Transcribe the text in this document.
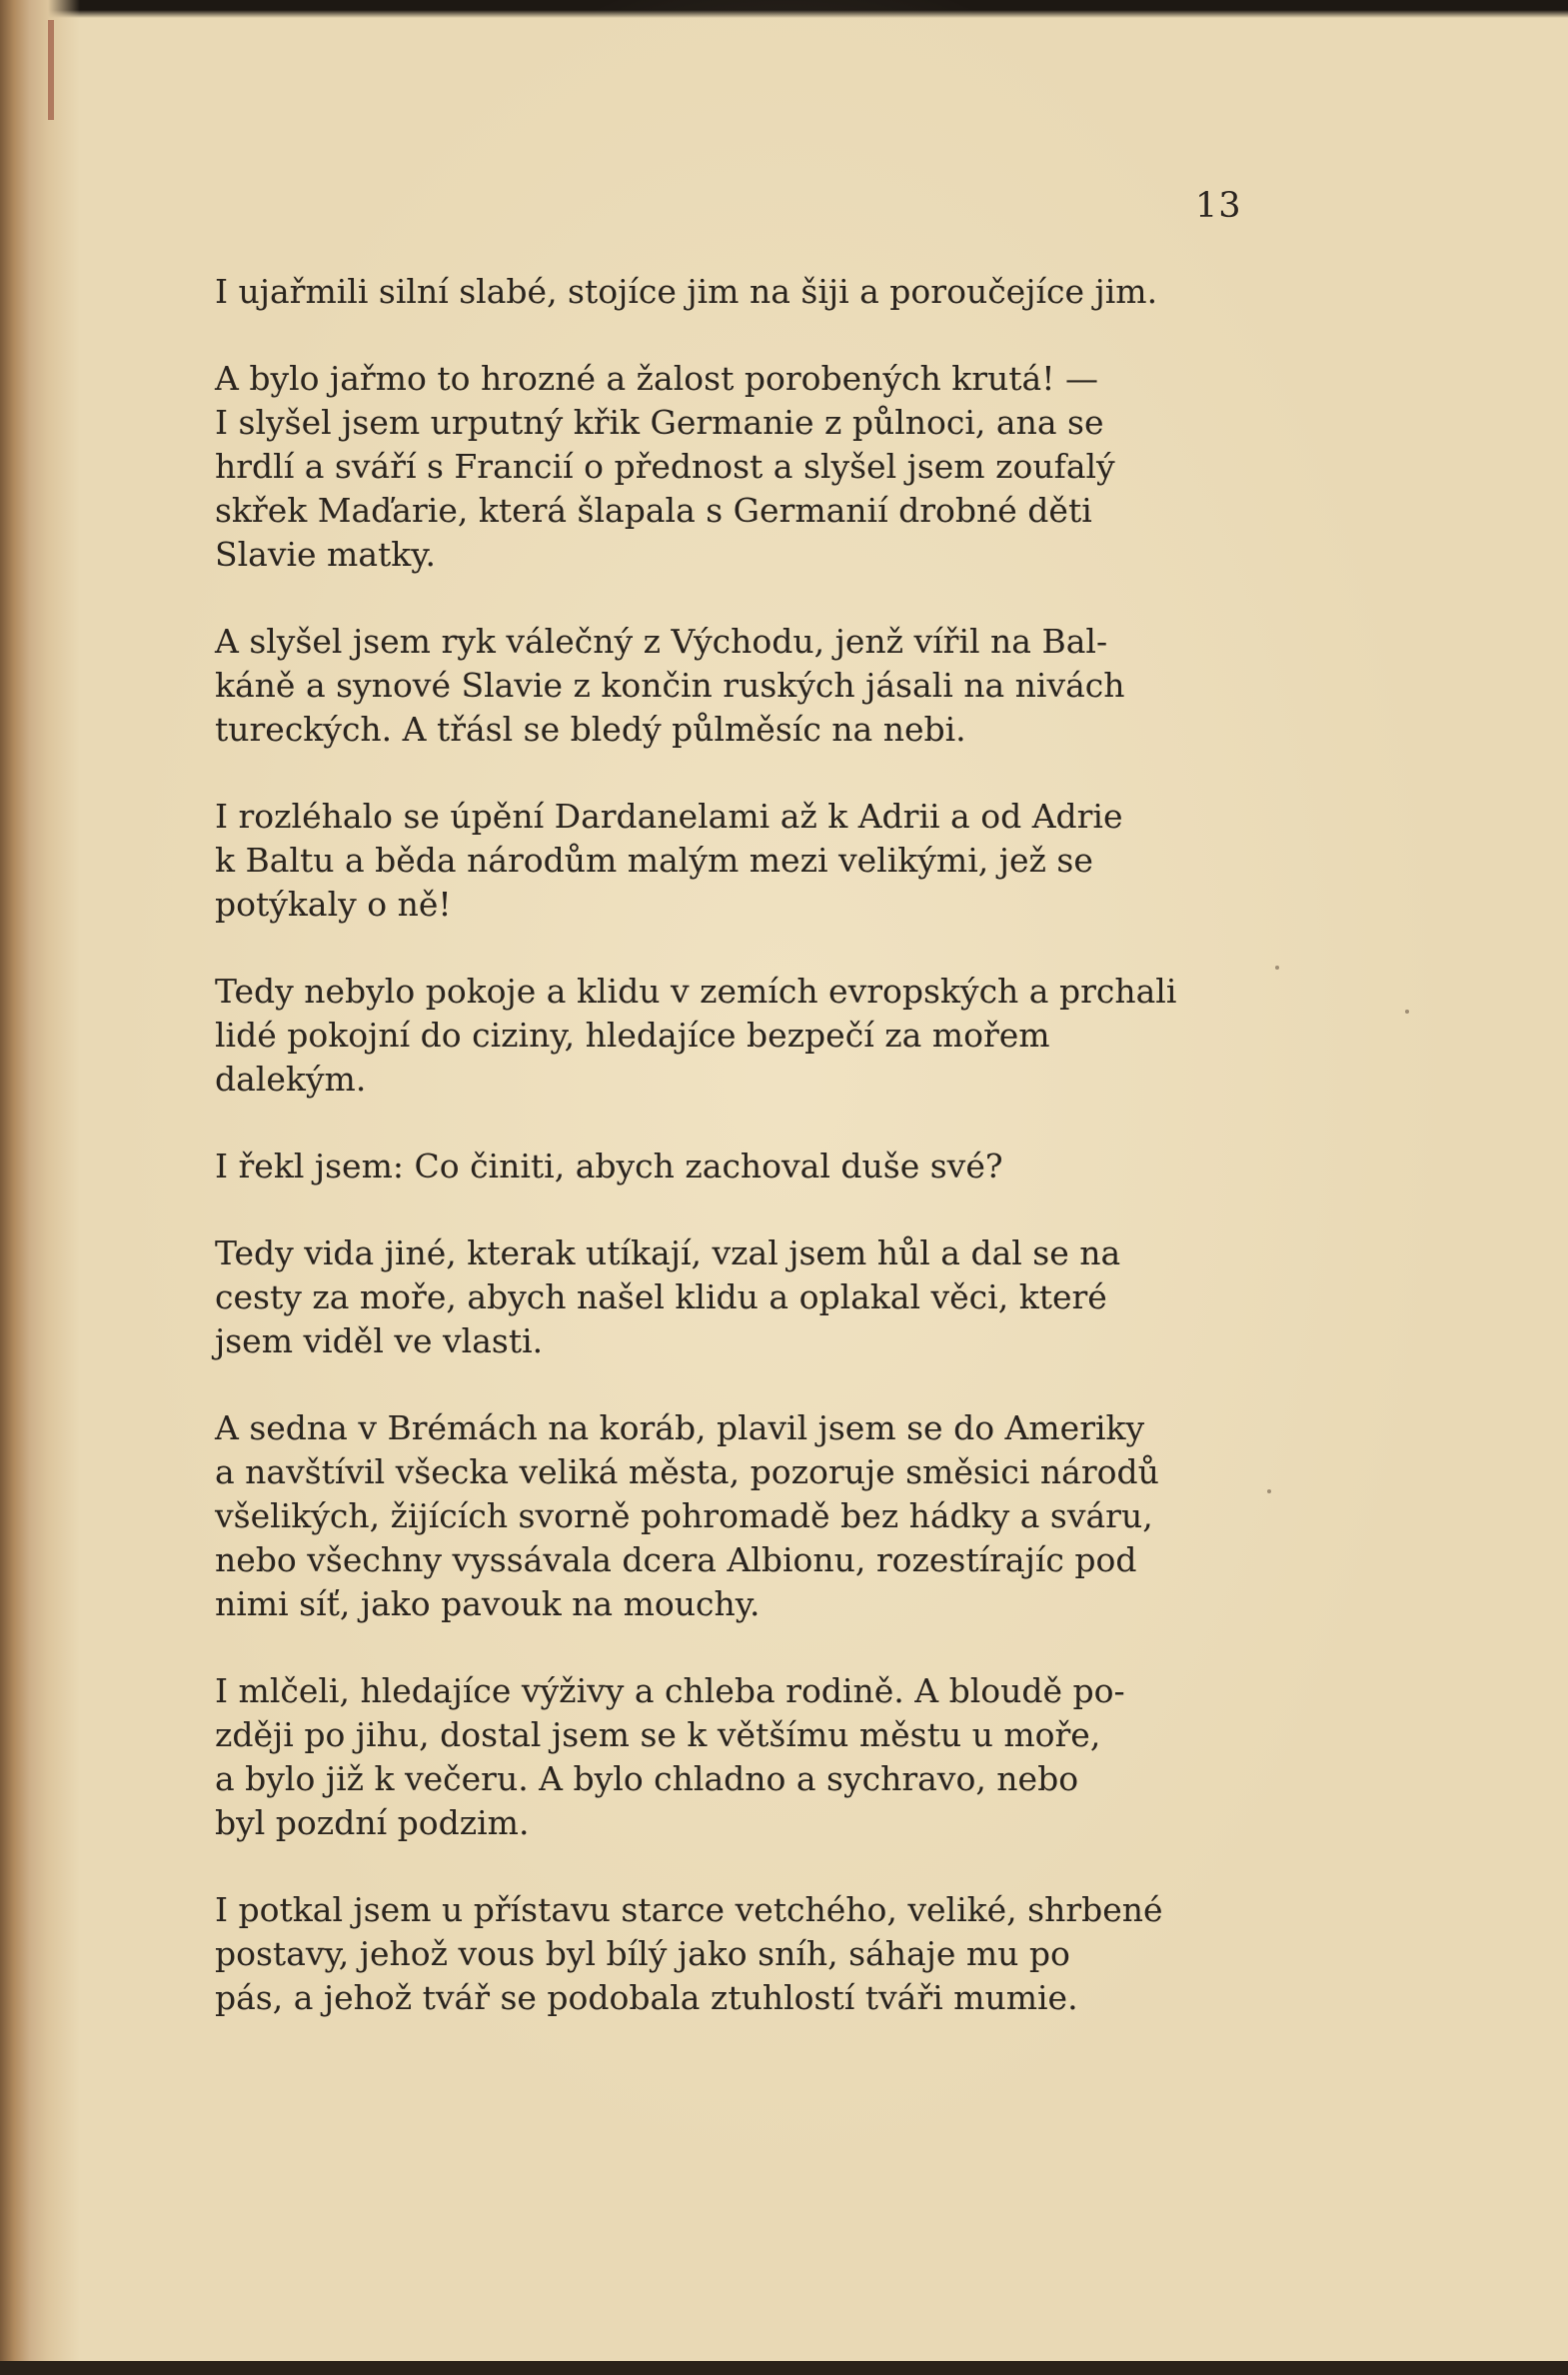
13

I ujařmili silní slabé, stojíce jim na šiji a poroučejíce jim.

A bylo jařmo to hrozné a žalost porobených krutá! —
I slyšel jsem urputný křik Germanie z půlnoci, ana se
hrdlí a sváří s Francií o přednost a slyšel jsem zoufalý
skřek Maďarie, která šlapala s Germanií drobné děti
Slavie matky.

A slyšel jsem ryk válečný z Východu, jenž vířil na Bal-
káně a synové Slavie z končin ruských jásali na nivách
tureckých. A třásl se bledý půlměsíc na nebi.

I rozléhalo se úpění Dardanelami až k Adrii a od Adrie
k Baltu a běda národům malým mezi velikými, jež se
potýkaly o ně!

Tedy nebylo pokoje a klidu v zemích evropských a prchali
lidé pokojní do ciziny, hledajíce bezpečí za mořem
dalekým.

I řekl jsem: Co činiti, abych zachoval duše své?

Tedy vida jiné, kterak utíkají, vzal jsem hůl a dal se na
cesty za moře, abych našel klidu a oplakal věci, které
jsem viděl ve vlasti.

A sedna v Brémách na koráb, plavil jsem se do Ameriky
a navštívil všecka veliká města, pozoruje směsici národů
všelikých, žijících svorně pohromadě bez hádky a sváru,
nebo všechny vyssávala dcera Albionu, rozestírajíc pod
nimi síť, jako pavouk na mouchy.

I mlčeli, hledajíce výživy a chleba rodině. A bloudě po-
zději po jihu, dostal jsem se k většímu městu u moře,
a bylo již k večeru. A bylo chladno a sychravo, nebo
byl pozdní podzim.

I potkal jsem u přístavu starce vetchého, veliké, shrbené
postavy, jehož vous byl bílý jako sníh, sáhaje mu po
pás, a jehož tvář se podobala ztuhlostí tváři mumie.
